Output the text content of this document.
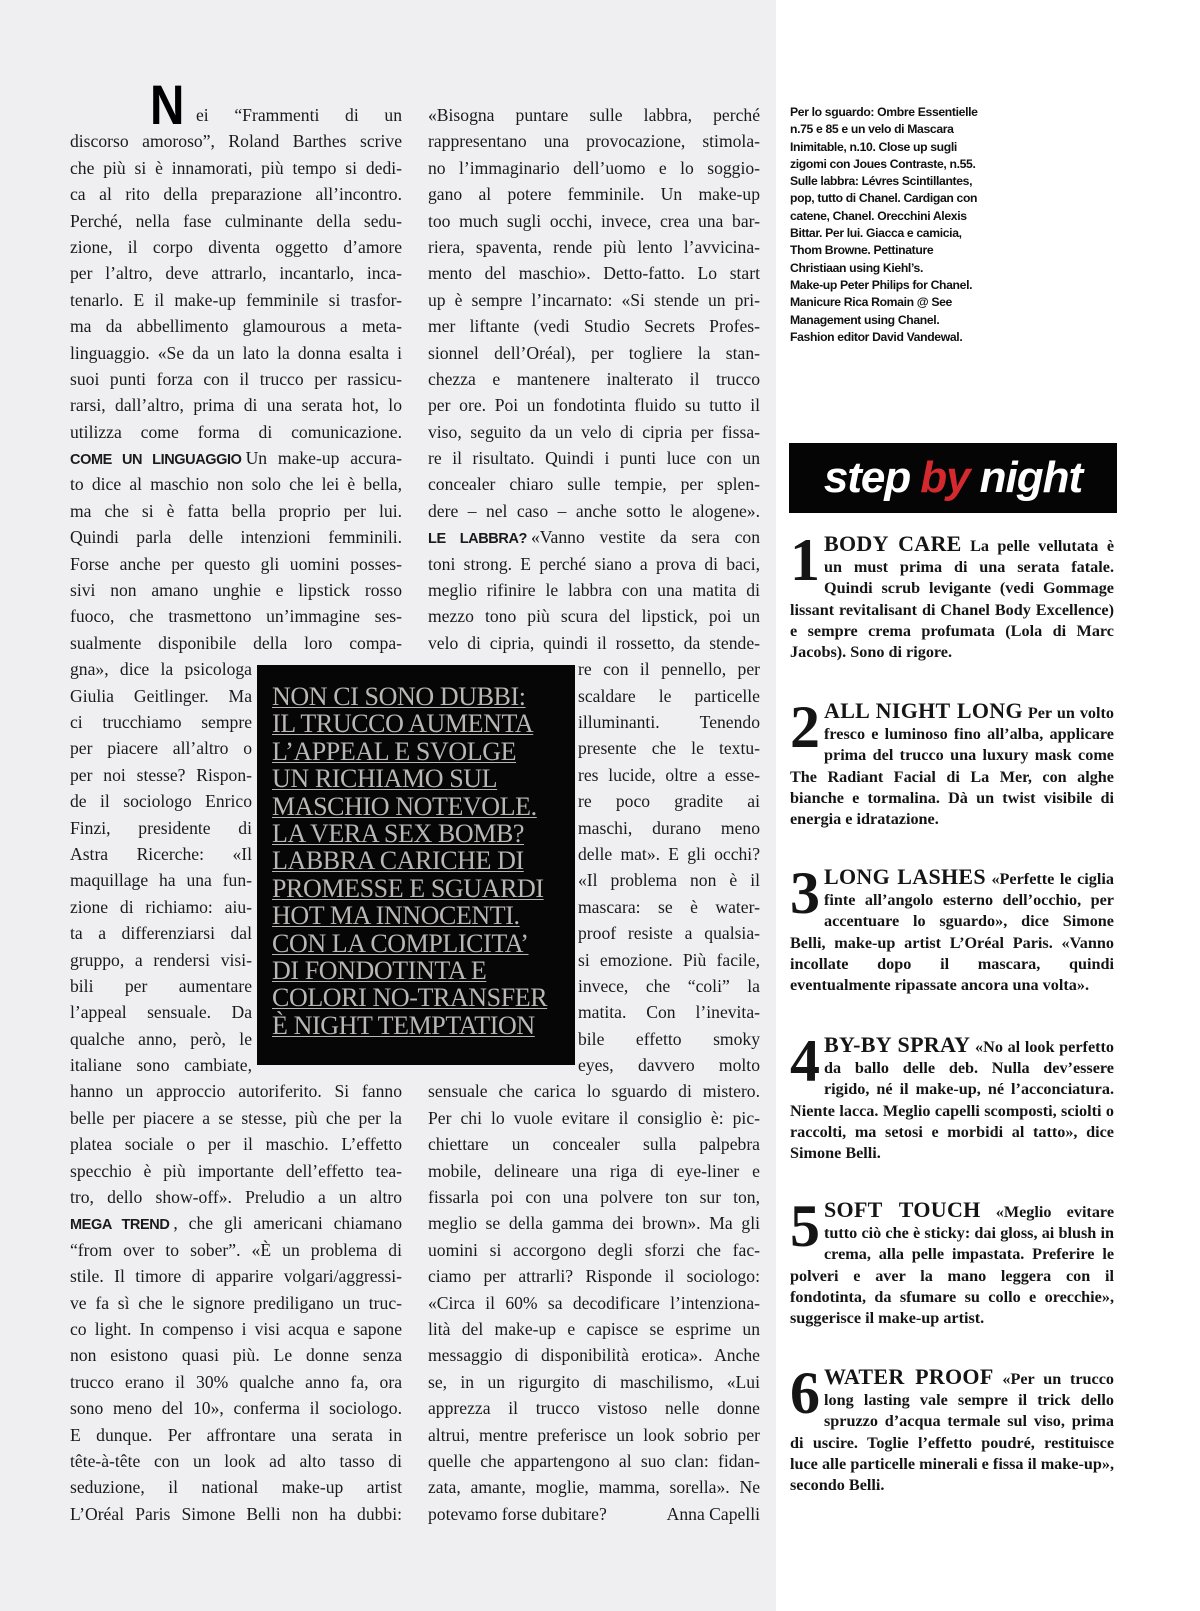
N ei “Frammenti di un
discorso amoroso”, Roland Barthes scrive
che più si è innamorati, più tempo si dedi-
ca al rito della preparazione all’incontro.
Perché, nella fase culminante della sedu-
zione, il corpo diventa oggetto d’amore
per l’altro, deve attrarlo, incantarlo, inca-
tenarlo. E il make-up femminile si trasfor-
ma da abbellimento glamourous a meta-
linguaggio. «Se da un lato la donna esalta i
suoi punti forza con il trucco per rassicu-
rarsi, dall’altro, prima di una serata hot, lo
utilizza come forma di comunicazione.
COME UN LINGUAGGIO Un make-up accura-
to dice al maschio non solo che lei è bella,
ma che si è fatta bella proprio per lui.
Quindi parla delle intenzioni femminili.
Forse anche per questo gli uomini posses-
sivi non amano unghie e lipstick rosso
fuoco, che trasmettono un’immagine ses-
sualmente disponibile della loro compa-
gna», dice la psicologa
Giulia Geitlinger. Ma
ci trucchiamo sempre
per piacere all’altro o
per noi stesse? Rispon-
de il sociologo Enrico
Finzi, presidente di
Astra Ricerche: «Il
maquillage ha una fun-
zione di richiamo: aiu-
ta a differenziarsi dal
gruppo, a rendersi visi-
bili per aumentare
l’appeal sensuale. Da
qualche anno, però, le
italiane sono cambiate,
hanno un approccio autoriferito. Si fanno
belle per piacere a se stesse, più che per la
platea sociale o per il maschio. L’effetto
specchio è più importante dell’effetto tea-
tro, dello show-off». Preludio a un altro
MEGA TREND , che gli americani chiamano
“from over to sober”. «È un problema di
stile. Il timore di apparire volgari/aggressi-
ve fa sì che le signore prediligano un truc-
co light. In compenso i visi acqua e sapone
non esistono quasi più. Le donne senza
trucco erano il 30% qualche anno fa, ora
sono meno del 10», conferma il sociologo.
E dunque. Per affrontare una serata in
tête-à-tête con un look ad alto tasso di
seduzione, il national make-up artist
L’Oréal Paris Simone Belli non ha dubbi:
«Bisogna puntare sulle labbra, perché
rappresentano una provocazione, stimola-
no l’immaginario dell’uomo e lo soggio-
gano al potere femminile. Un make-up
too much sugli occhi, invece, crea una bar-
riera, spaventa, rende più lento l’avvicina-
mento del maschio». Detto-fatto. Lo start
up è sempre l’incarnato: «Si stende un pri-
mer liftante (vedi Studio Secrets Profes-
sionnel dell’Oréal), per togliere la stan-
chezza e mantenere inalterato il trucco
per ore. Poi un fondotinta fluido su tutto il
viso, seguito da un velo di cipria per fissa-
re il risultato. Quindi i punti luce con un
concealer chiaro sulle tempie, per splen-
dere – nel caso – anche sotto le alogene».
LE LABBRA? «Vanno vestite da sera con
toni strong. E perché siano a prova di baci,
meglio rifinire le labbra con una matita di
mezzo tono più scura del lipstick, poi un
velo di cipria, quindi il rossetto, da stende-
re con il pennello, per
scaldare le particelle
illuminanti. Tenendo
presente che le textu-
res lucide, oltre a esse-
re poco gradite ai
maschi, durano meno
delle mat». E gli occhi?
«Il problema non è il
mascara: se è water-
proof resiste a qualsia-
si emozione. Più facile,
invece, che “coli” la
matita. Con l’inevita-
bile effetto smoky
eyes, davvero molto
sensuale che carica lo sguardo di mistero.
Per chi lo vuole evitare il consiglio è: pic-
chiettare un concealer sulla palpebra
mobile, delineare una riga di eye-liner e
fissarla poi con una polvere ton sur ton,
meglio se della gamma dei brown». Ma gli
uomini si accorgono degli sforzi che fac-
ciamo per attrarli? Risponde il sociologo:
«Circa il 60% sa decodificare l’intenziona-
lità del make-up e capisce se esprime un
messaggio di disponibilità erotica». Anche
se, in un rigurgito di maschilismo, «Lui
apprezza il trucco vistoso nelle donne
altrui, mentre preferisce un look sobrio per
quelle che appartengono al suo clan: fidan-
zata, amante, moglie, mamma, sorella». Ne
potevamo forse dubitare?	Anna Capelli
NON CI SONO DUBBI:
IL TRUCCO AUMENTA
L’APPEAL E SVOLGE
UN RICHIAMO SUL
MASCHIO NOTEVOLE.
LA VERA SEX BOMB?
LABBRA CARICHE DI
PROMESSE E SGUARDI
HOT MA INNOCENTI.
CON LA COMPLICITA’
DI FONDOTINTA E
COLORI NO-TRANSFER
È NIGHT TEMPTATION
Per lo sguardo: Ombre Essentielle
n.75 e 85 e un velo di Mascara
Inimitable, n.10. Close up sugli
zigomi con Joues Contraste, n.55.
Sulle labbra: Lévres Scintillantes,
pop, tutto di Chanel. Cardigan con
catene, Chanel. Orecchini Alexis
Bittar. Per lui. Giacca e camicia,
Thom Browne. Pettinature
Christiaan using Kiehl’s.
Make-up Peter Philips for Chanel.
Manicure Rica Romain @ See
Management using Chanel.
Fashion editor David Vandewal.
step by night
1 BODY CARE La pelle vellutata è un must prima di una serata fatale. Quindi scrub levigante (vedi Gommage lissant revitalisant di Chanel Body Excellence) e sempre crema profumata (Lola di Marc Jacobs). Sono di rigore.
2 ALL NIGHT LONG Per un volto fresco e luminoso fino all’alba, applicare prima del trucco una luxury mask come The Radiant Facial di La Mer, con alghe bianche e tormalina. Dà un twist visibile di energia e idratazione.
3 LONG LASHES «Perfette le ciglia finte all’angolo esterno dell’occhio, per accentuare lo sguardo», dice Simone Belli, make-up artist L’Oréal Paris. «Vanno incollate dopo il mascara, quindi eventualmente ripassate ancora una volta».
4 BY-BY SPRAY «No al look perfetto da ballo delle deb. Nulla dev’essere rigido, né il make-up, né l’acconciatura. Niente lacca. Meglio capelli scomposti, sciolti o raccolti, ma setosi e morbidi al tatto», dice Simone Belli.
5 SOFT TOUCH «Meglio evitare tutto ciò che è sticky: dai gloss, ai blush in crema, alla pelle impastata. Preferire le polveri e aver la mano leggera con il fondotinta, da sfumare su collo e orecchie», suggerisce il make-up artist.
6 WATER PROOF «Per un trucco long lasting vale sempre il trick dello spruzzo d’acqua termale sul viso, prima di uscire. Toglie l’effetto poudré, restituisce luce alle particelle minerali e fissa il make-up», secondo Belli.
